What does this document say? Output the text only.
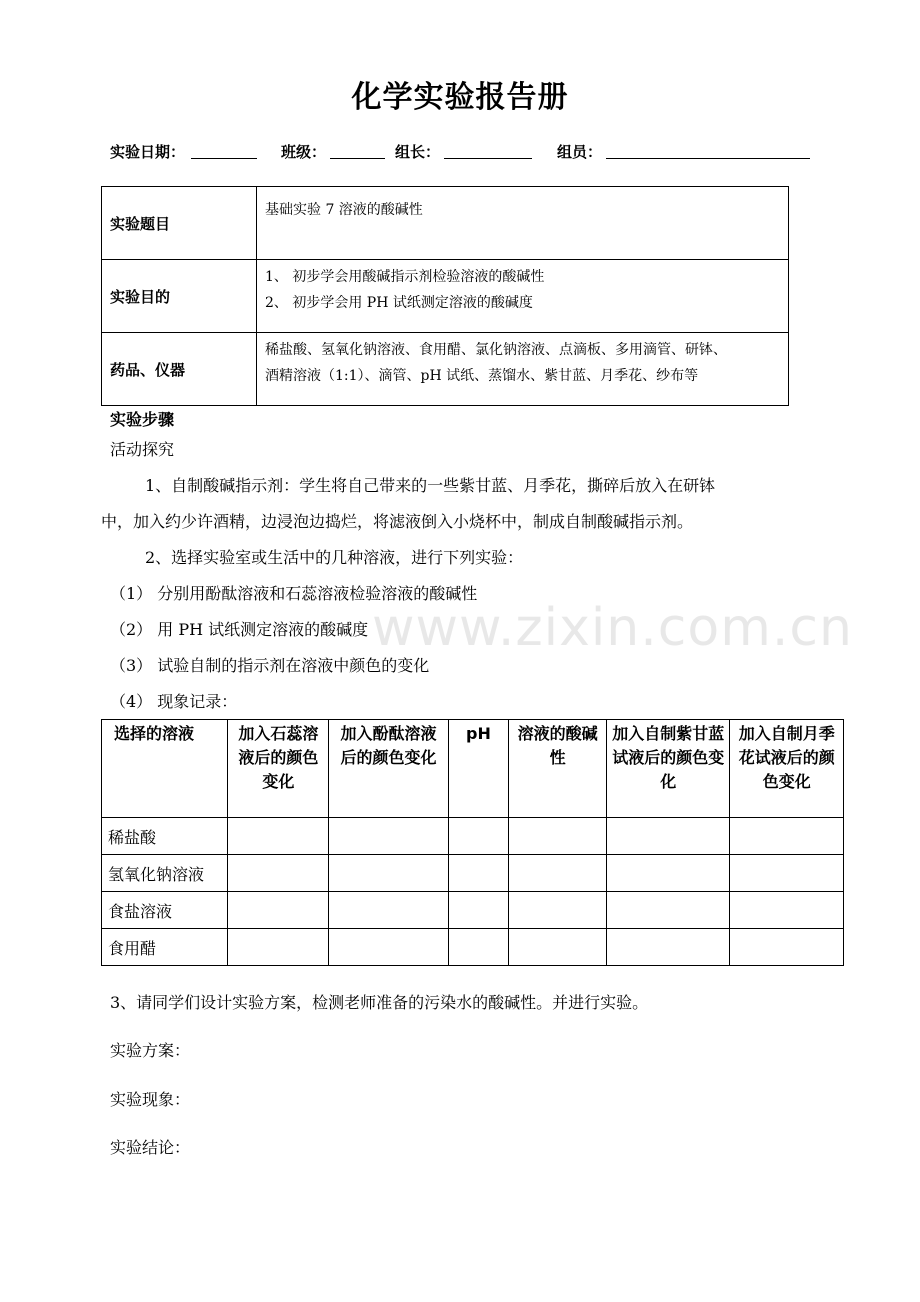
化学实验报告册
实验日期：	班级：	组长：	组员：
实验题目	基础实验 7 溶液的酸碱性
实验目的	1、 初步学会用酸碱指示剂检验溶液的酸碱性
2、 初步学会用 PH 试纸测定溶液的酸碱度

药品、仪器	稀盐酸、氢氧化钠溶液、食用醋、氯化钠溶液、点滴板、多用滴管、研钵、
酒精溶液（1:1）、滴管、pH 试纸、蒸馏水、紫甘蓝、月季花、纱布等
实验步骤
活动探究
1、自制酸碱指示剂：学生将自己带来的一些紫甘蓝、月季花，撕碎后放入在研钵
中，加入约少许酒精，边浸泡边捣烂，将滤液倒入小烧杯中，制成自制酸碱指示剂。
2、选择实验室或生活中的几种溶液，进行下列实验：
（1） 分别用酚酞溶液和石蕊溶液检验溶液的酸碱性
（2） 用 PH 试纸测定溶液的酸碱度
（3） 试验自制的指示剂在溶液中颜色的变化
（4） 现象记录：
www.zixin.com.cn
选择的溶液	加入石蕊溶液后的颜色变化	加入酚酞溶液后的颜色变化	pH	溶液的酸碱性	加入自制紫甘蓝试液后的颜色变化	加入自制月季花试液后的颜色变化
稀盐酸						
氢氧化钠溶液						
食盐溶液						
食用醋						
3、请同学们设计实验方案，检测老师准备的污染水的酸碱性。并进行实验。
实验方案：
实验现象：
实验结论：
